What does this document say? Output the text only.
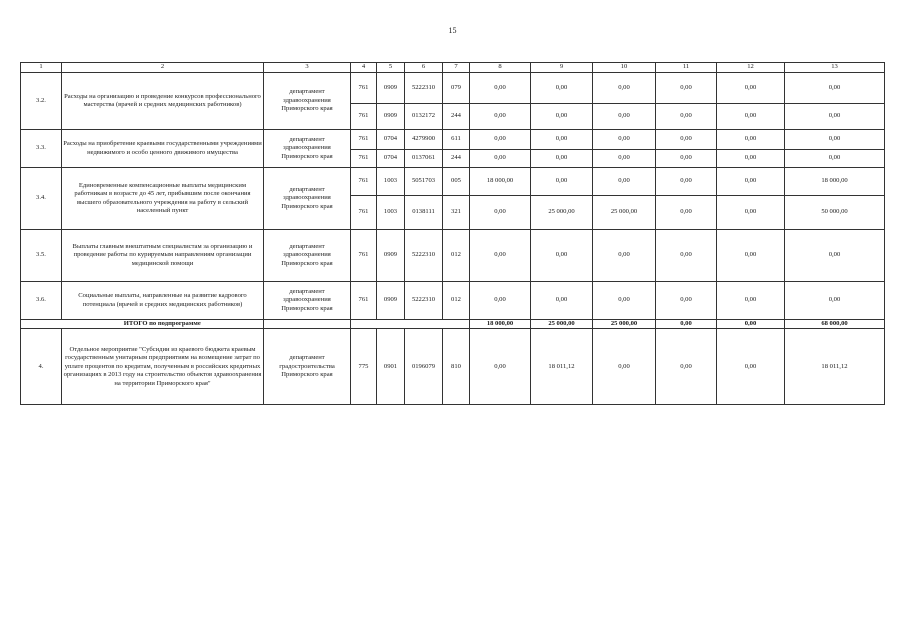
15
1	2	3	4	5	6	7	8	9	10	11	12	13
3.2.	Расходы на организацию и проведение конкурсов профессионального мастерства (врачей и средних медицинских работников)	департамент здравоохранения Приморского края	761	0909	5222310	079	0,00	0,00	0,00	0,00	0,00	0,00
			761	0909	0132172	244	0,00	0,00	0,00	0,00	0,00	0,00
3.3.	Расходы на приобретение краевыми государственными учреждениями недвижимого и особо ценного движимого имущества	департамент здравоохранения Приморского края	761	0704	4279900	611	0,00	0,00	0,00	0,00	0,00	0,00
			761	0704	0137061	244	0,00	0,00	0,00	0,00	0,00	0,00
3.4.	Единовременные компенсационные выплаты медицинским работникам в возрасте до 45 лет, прибывшим после окончания высшего образовательного учреждения на работу в сельский населенный пункт	департамент здравоохранения Приморского края	761	1003	5051703	005	18 000,00	0,00	0,00	0,00	0,00	18 000,00
			761	1003	0138111	321	0,00	25 000,00	25 000,00	0,00	0,00	50 000,00
3.5.	Выплаты главным внештатным специалистам за организацию и проведение работы по курируемым направлениям организации медицинской помощи	департамент здравоохранения Приморского края	761	0909	5222310	012	0,00	0,00	0,00	0,00	0,00	0,00
3.6.	Социальные выплаты, направленные на развитие кадрового потенциала (врачей и средних медицинских работников)	департамент здравоохранения Приморского края	761	0909	5222310	012	0,00	0,00	0,00	0,00	0,00	0,00
	ИТОГО по подпрограмме						18 000,00	25 000,00	25 000,00	0,00	0,00	68 000,00
4.	Отдельное мероприятие "Субсидии из краевого бюджета краевым государственным унитарным предприятиям на возмещение затрат по уплате процентов по кредитам, полученным в российских кредитных организациях в 2013 году на строительство объектов здравоохранения на территории Приморского края"	департамент градостроительства Приморского края	775	0901	0196079	810	0,00	18 011,12	0,00	0,00	0,00	18 011,12
